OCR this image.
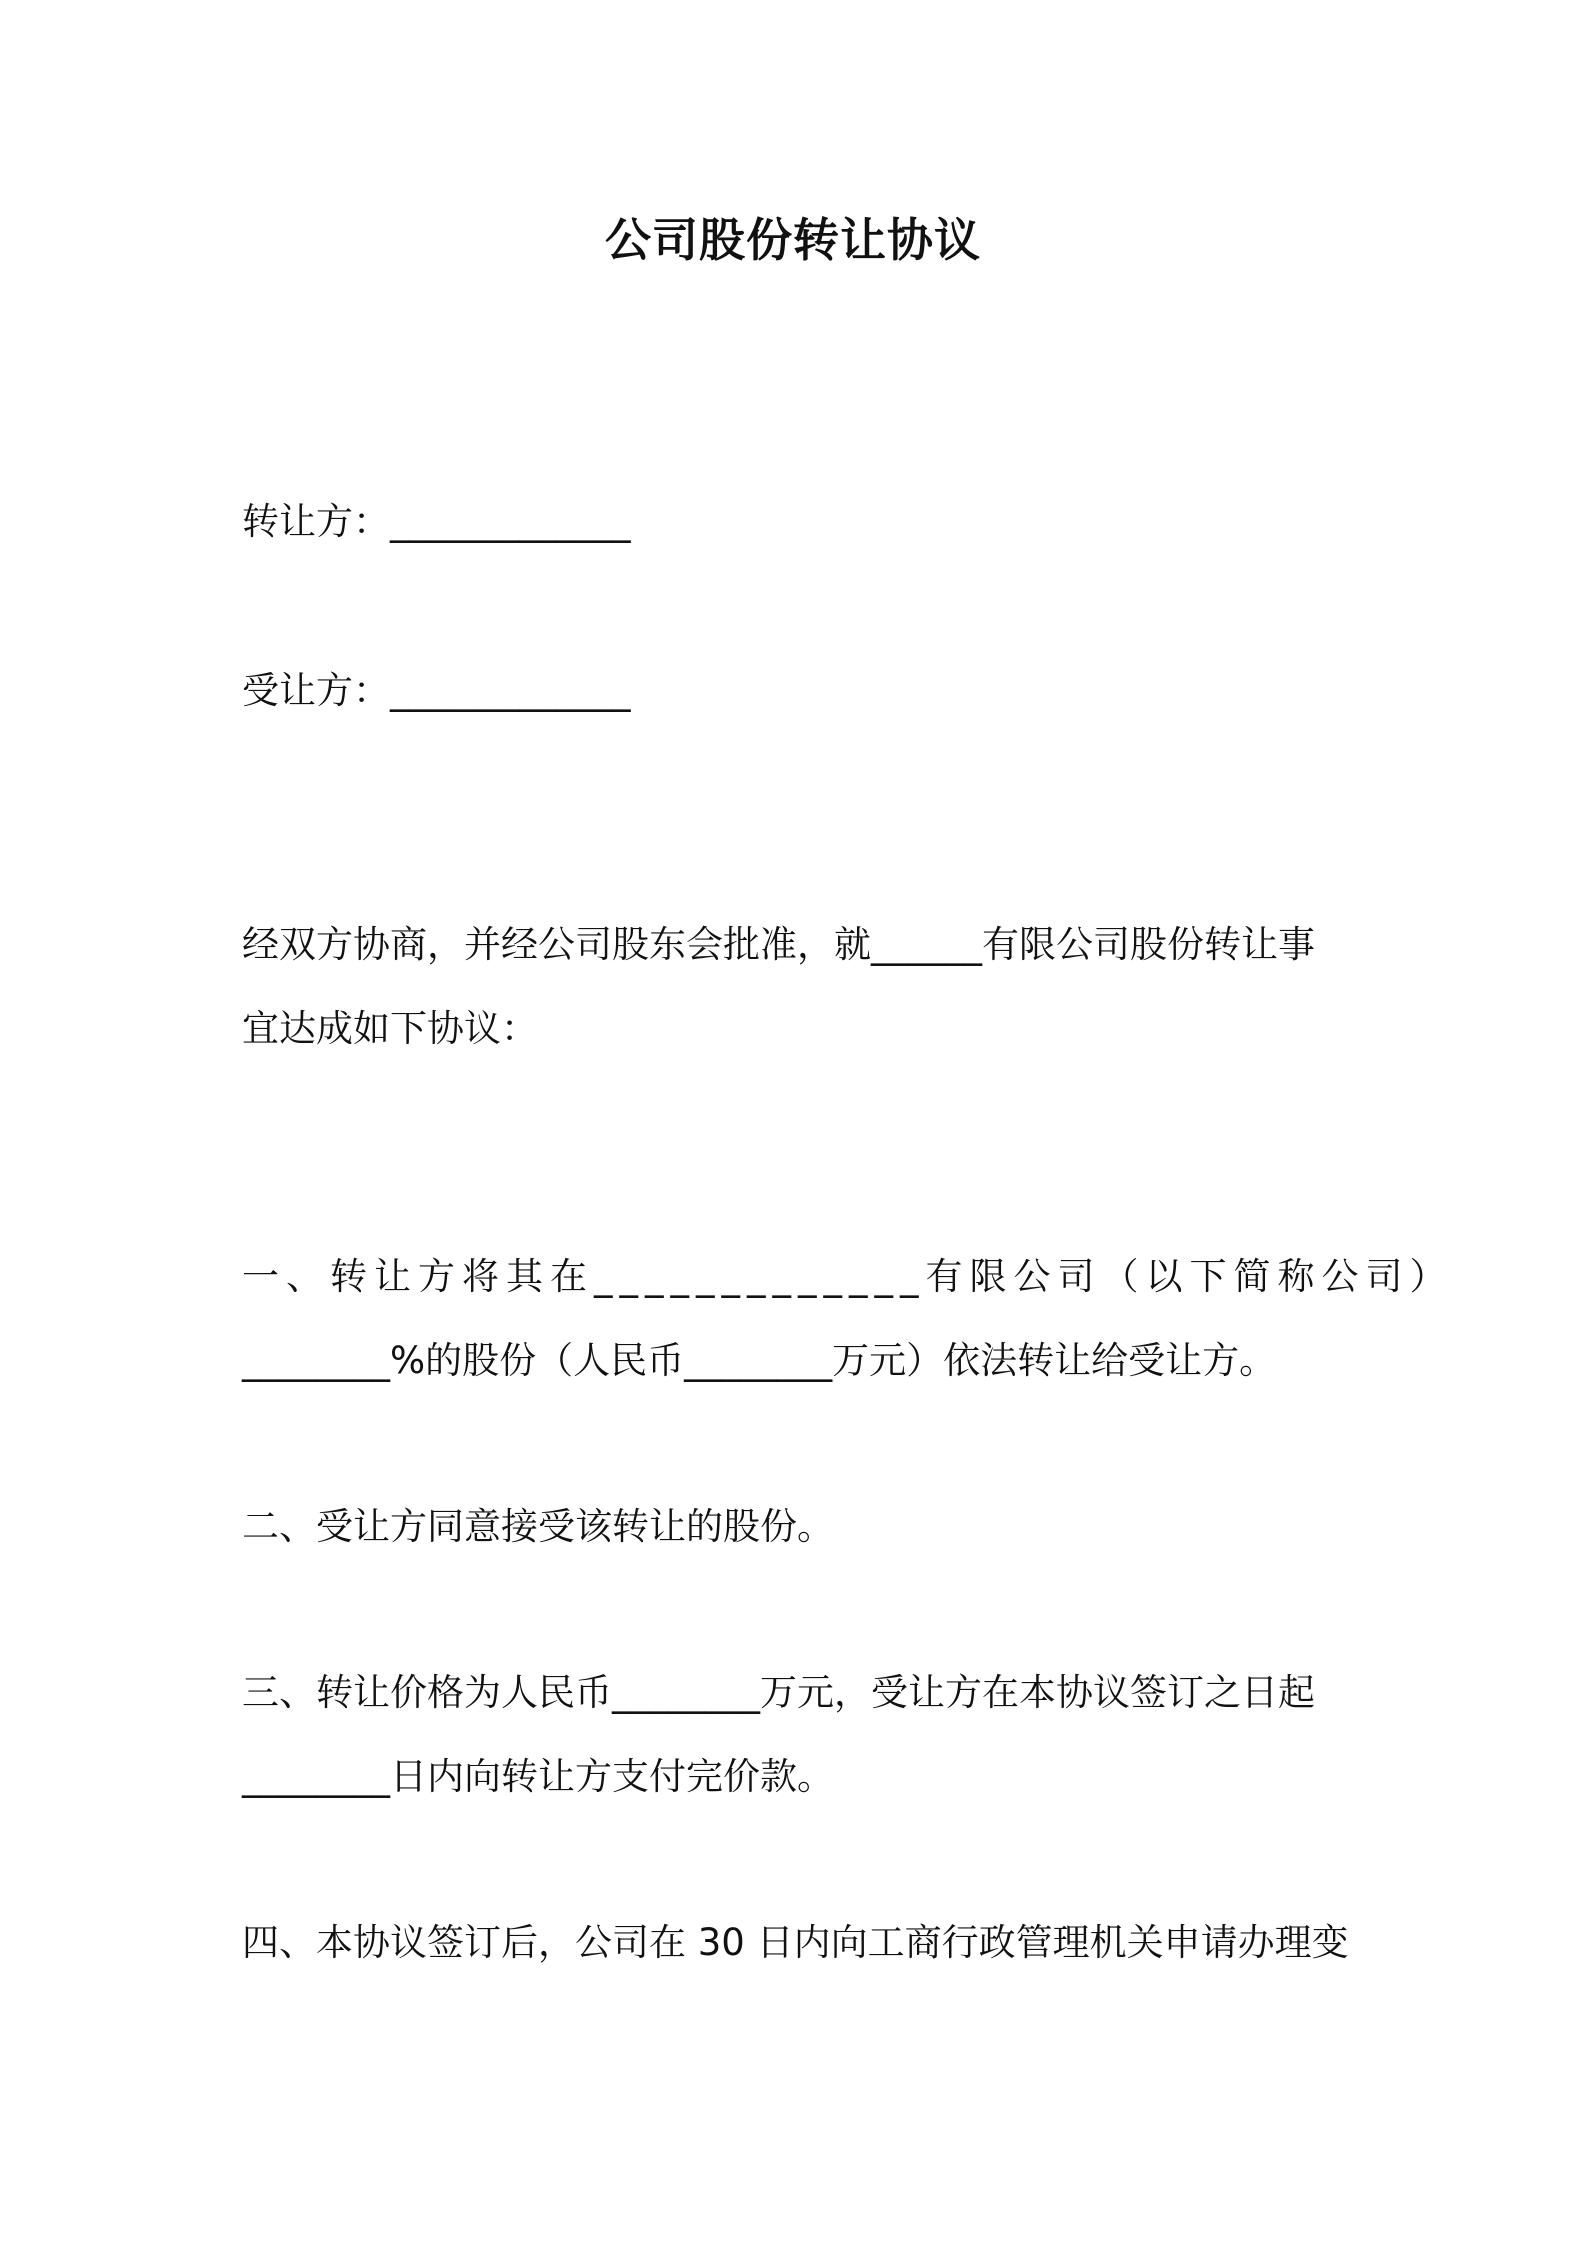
公司股份转让协议
转让方：_____________
受让方：_____________
经双方协商，并经公司股东会批准，就______有限公司股份转让事
宜达成如下协议：
一、转让方将其在_____________有限公司（以下简称公司）
________%的股份（人民币________万元）依法转让给受让方。
二、受让方同意接受该转让的股份。
三、转让价格为人民币________万元，受让方在本协议签订之日起
________日内向转让方支付完价款。
四、本协议签订后，公司在 30 日内向工商行政管理机关申请办理变
